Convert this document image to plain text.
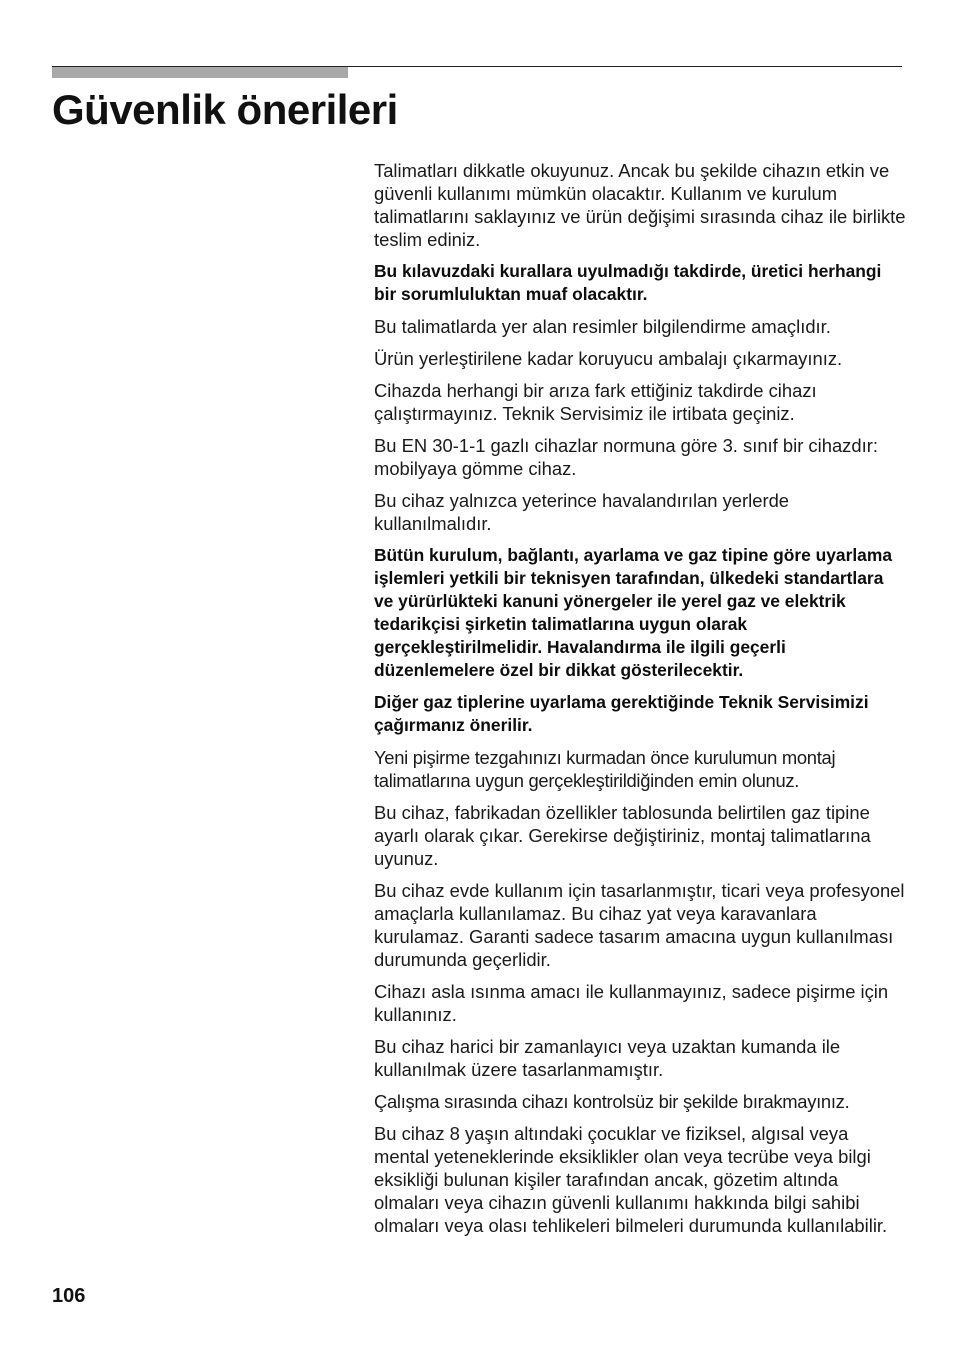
Güvenlik önerileri

Talimatları dikkatle okuyunuz. Ancak bu şekilde cihazın etkin ve güvenli kullanımı mümkün olacaktır. Kullanım ve kurulum talimatlarını saklayınız ve ürün değişimi sırasında cihaz ile birlikte teslim ediniz.

Bu kılavuzdaki kurallara uyulmadığı takdirde, üretici herhangi bir sorumluluktan muaf olacaktır.

Bu talimatlarda yer alan resimler bilgilendirme amaçlıdır.

Ürün yerleştirilene kadar koruyucu ambalajı çıkarmayınız.

Cihazda herhangi bir arıza fark ettiğiniz takdirde cihazı çalıştırmayınız. Teknik Servisimiz ile irtibata geçiniz.

Bu EN 30-1-1 gazlı cihazlar normuna göre 3. sınıf bir cihazdır: mobilyaya gömme cihaz.

Bu cihaz yalnızca yeterince havalandırılan yerlerde kullanılmalıdır.

Bütün kurulum, bağlantı, ayarlama ve gaz tipine göre uyarlama işlemleri yetkili bir teknisyen tarafından, ülkedeki standartlara ve yürürlükteki kanuni yönergeler ile yerel gaz ve elektrik tedarikçisi şirketin talimatlarına uygun olarak gerçekleştirilmelidir. Havalandırma ile ilgili geçerli düzenlemelere özel bir dikkat gösterilecektir.

Diğer gaz tiplerine uyarlama gerektiğinde Teknik Servisimizi çağırmanız önerilir.

Yeni pişirme tezgahınızı kurmadan önce kurulumun montaj talimatlarına uygun gerçekleştirildiğinden emin olunuz.

Bu cihaz, fabrikadan özellikler tablosunda belirtilen gaz tipine ayarlı olarak çıkar. Gerekirse değiştiriniz, montaj talimatlarına uyunuz.

Bu cihaz evde kullanım için tasarlanmıştır, ticari veya profesyonel amaçlarla kullanılamaz. Bu cihaz yat veya karavanlara kurulamaz. Garanti sadece tasarım amacına uygun kullanılması durumunda geçerlidir.

Cihazı asla ısınma amacı ile kullanmayınız, sadece pişirme için kullanınız.

Bu cihaz harici bir zamanlayıcı veya uzaktan kumanda ile kullanılmak üzere tasarlanmamıştır.

Çalışma sırasında cihazı kontrolsüz bir şekilde bırakmayınız.

Bu cihaz 8 yaşın altındaki çocuklar ve fiziksel, algısal veya mental yeteneklerinde eksiklikler olan veya tecrübe veya bilgi eksikliği bulunan kişiler tarafından ancak, gözetim altında olmaları veya cihazın güvenli kullanımı hakkında bilgi sahibi olmaları veya olası tehlikeleri bilmeleri durumunda kullanılabilir.

106
